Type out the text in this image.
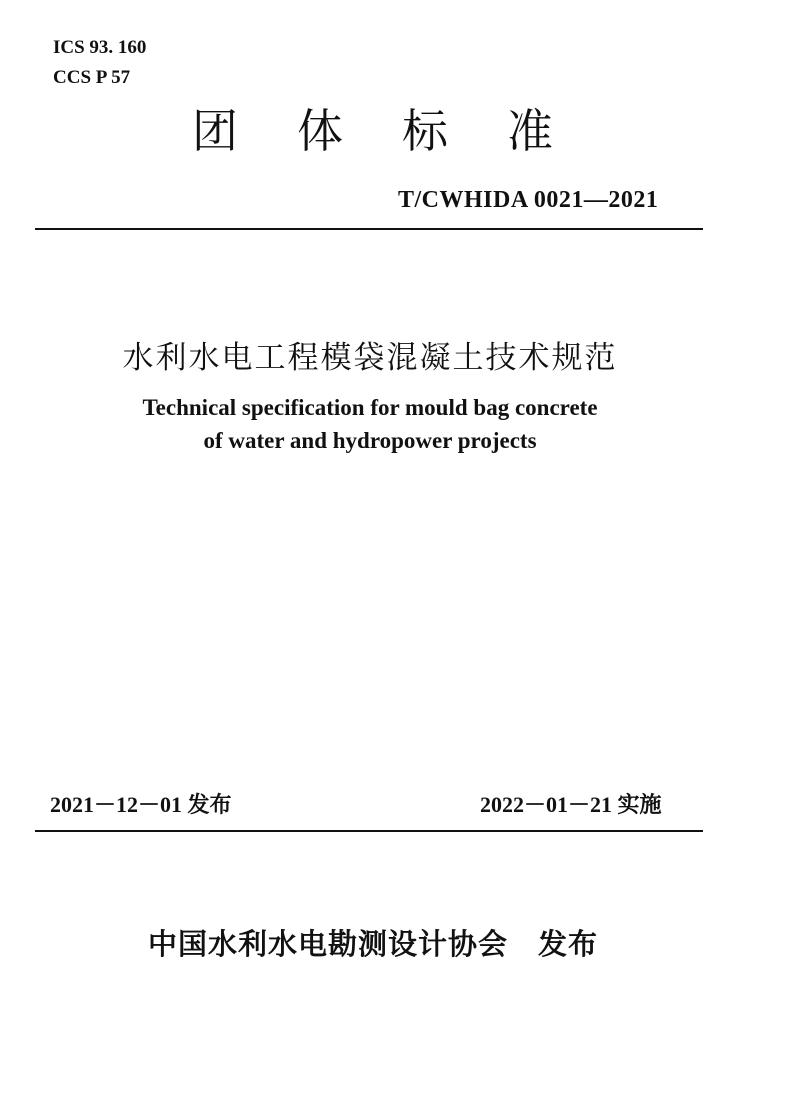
ICS 93. 160
CCS P 57
团 体 标 准
T/CWHIDA 0021—2021
水利水电工程模袋混凝土技术规范
Technical specification for mould bag concrete
of water and hydropower projects
2021－12－01 发布	2022－01－21 实施
中国水利水电勘测设计协会　发布
